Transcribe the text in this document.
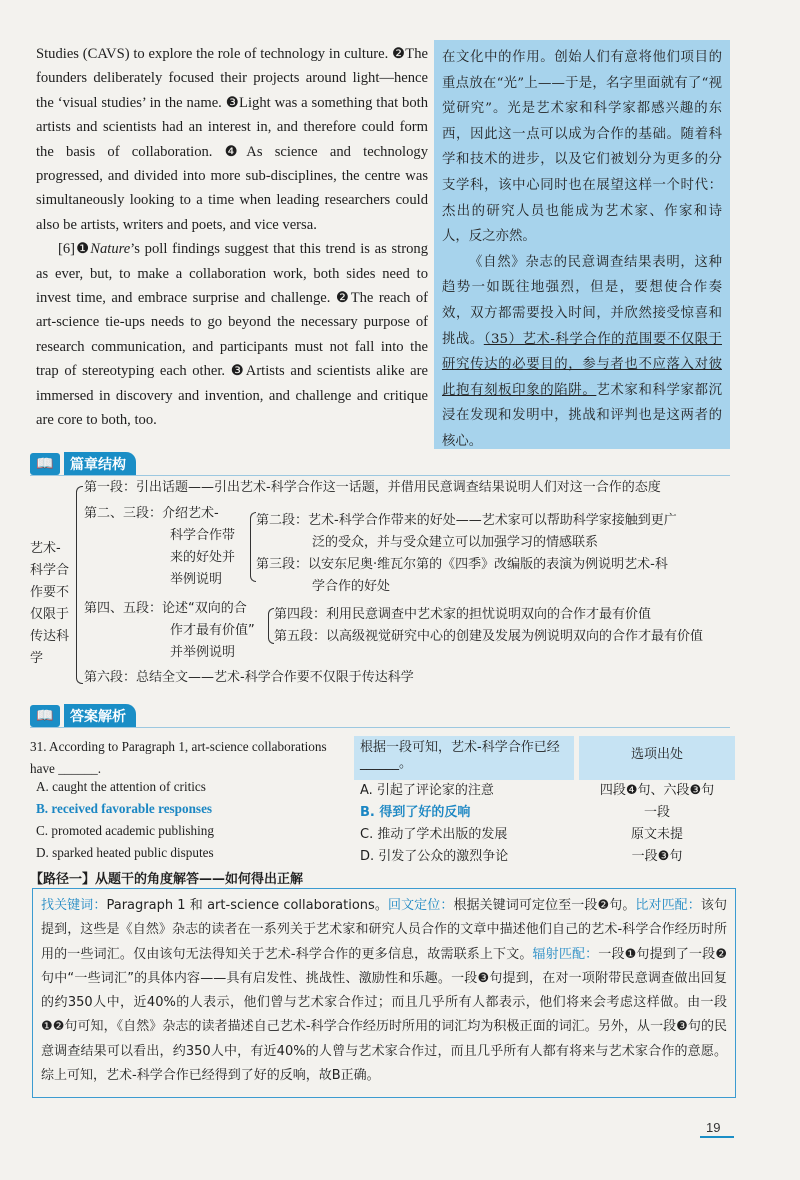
Studies (CAVS) to explore the role of technology in culture. ❷The founders deliberately focused their projects around light—hence the ‘visual studies’ in the name. ❸Light was a something that both artists and scientists had an interest in, and therefore could form the basis of collaboration. ❹As science and technology progressed, and divided into more sub-disciplines, the centre was simultaneously looking to a time when leading researchers could also be artists, writers and poets, and vice versa.

[6]❶Nature’s poll findings suggest that this trend is as strong as ever, but, to make a collaboration work, both sides need to invest time, and embrace surprise and challenge. ❷The reach of art-science tie-ups needs to go beyond the necessary purpose of research communication, and participants must not fall into the trap of stereotyping each other. ❸Artists and scientists alike are immersed in discovery and invention, and challenge and critique are core to both, too.

在文化中的作用。创始人们有意将他们项目的重点放在“光”上——于是，名字里面就有了“视觉研究”。光是艺术家和科学家都感兴趣的东西，因此这一点可以成为合作的基础。随着科学和技术的进步，以及它们被划分为更多的分支学科，该中心同时也在展望这样一个时代：杰出的研究人员也能成为艺术家、作家和诗人，反之亦然。

《自然》杂志的民意调查结果表明，这种趋势一如既往地强烈，但是，要想使合作奏效，双方都需要投入时间，并欣然接受惊喜和挑战。（35）艺术-科学合作的范围要不仅限于研究传达的必要目的，参与者也不应落入对彼此抱有刻板印象的陷阱。艺术家和科学家都沉浸在发现和发明中，挑战和评判也是这两者的核心。

📖	篇章结构
艺术-
科学合
作要不
仅限于
传达科
学
第一段：引出话题——引出艺术-科学合作这一话题，并借用民意调查结果说明人们对这一合作的态度
第二、三段：介绍艺术-
科学合作带
来的好处并
举例说明
第二段：艺术-科学合作带来的好处——艺术家可以帮助科学家接触到更广
泛的受众，并与受众建立可以加强学习的情感联系
第三段：以安东尼奥·维瓦尔第的《四季》改编版的表演为例说明艺术-科
学合作的好处
第四、五段：论述“双向的合
作才最有价值”
并举例说明
第四段：利用民意调查中艺术家的担忧说明双向的合作才最有价值
第五段：以高级视觉研究中心的创建及发展为例说明双向的合作才最有价值
第六段：总结全文——艺术-科学合作要不仅限于传达科学
📖	答案解析
31. According to Paragraph 1, art-science collaborations have ______.
A. caught the attention of critics
B. received favorable responses
C. promoted academic publishing
D. sparked heated public disputes
根据一段可知，艺术-科学合作已经______。
A. 引起了评论家的注意
B. 得到了好的反响
C. 推动了学术出版的发展
D. 引发了公众的激烈争论
选项出处
四段❹句、六段❸句
一段
原文未提
一段❸句
【路径一】从题干的角度解答——如何得出正解
找关键词：Paragraph 1 和 art-science collaborations。回文定位：根据关键词可定位至一段❷句。比对匹配：该句提到，这些是《自然》杂志的读者在一系列关于艺术家和研究人员合作的文章中描述他们自己的艺术-科学合作经历时所用的一些词汇。仅由该句无法得知关于艺术-科学合作的更多信息，故需联系上下文。辐射匹配：一段❶句提到了一段❷句中“一些词汇”的具体内容——具有启发性、挑战性、激励性和乐趣。一段❸句提到，在对一项附带民意调查做出回复的约350人中，近40%的人表示，他们曾与艺术家合作过；而且几乎所有人都表示，他们将来会考虑这样做。由一段❶❷句可知，《自然》杂志的读者描述自己艺术-科学合作经历时所用的词汇均为积极正面的词汇。另外，从一段❸句的民意调查结果可以看出，约350人中，有近40%的人曾与艺术家合作过，而且几乎所有人都有将来与艺术家合作的意愿。综上可知，艺术-科学合作已经得到了好的反响，故B正确。
19
